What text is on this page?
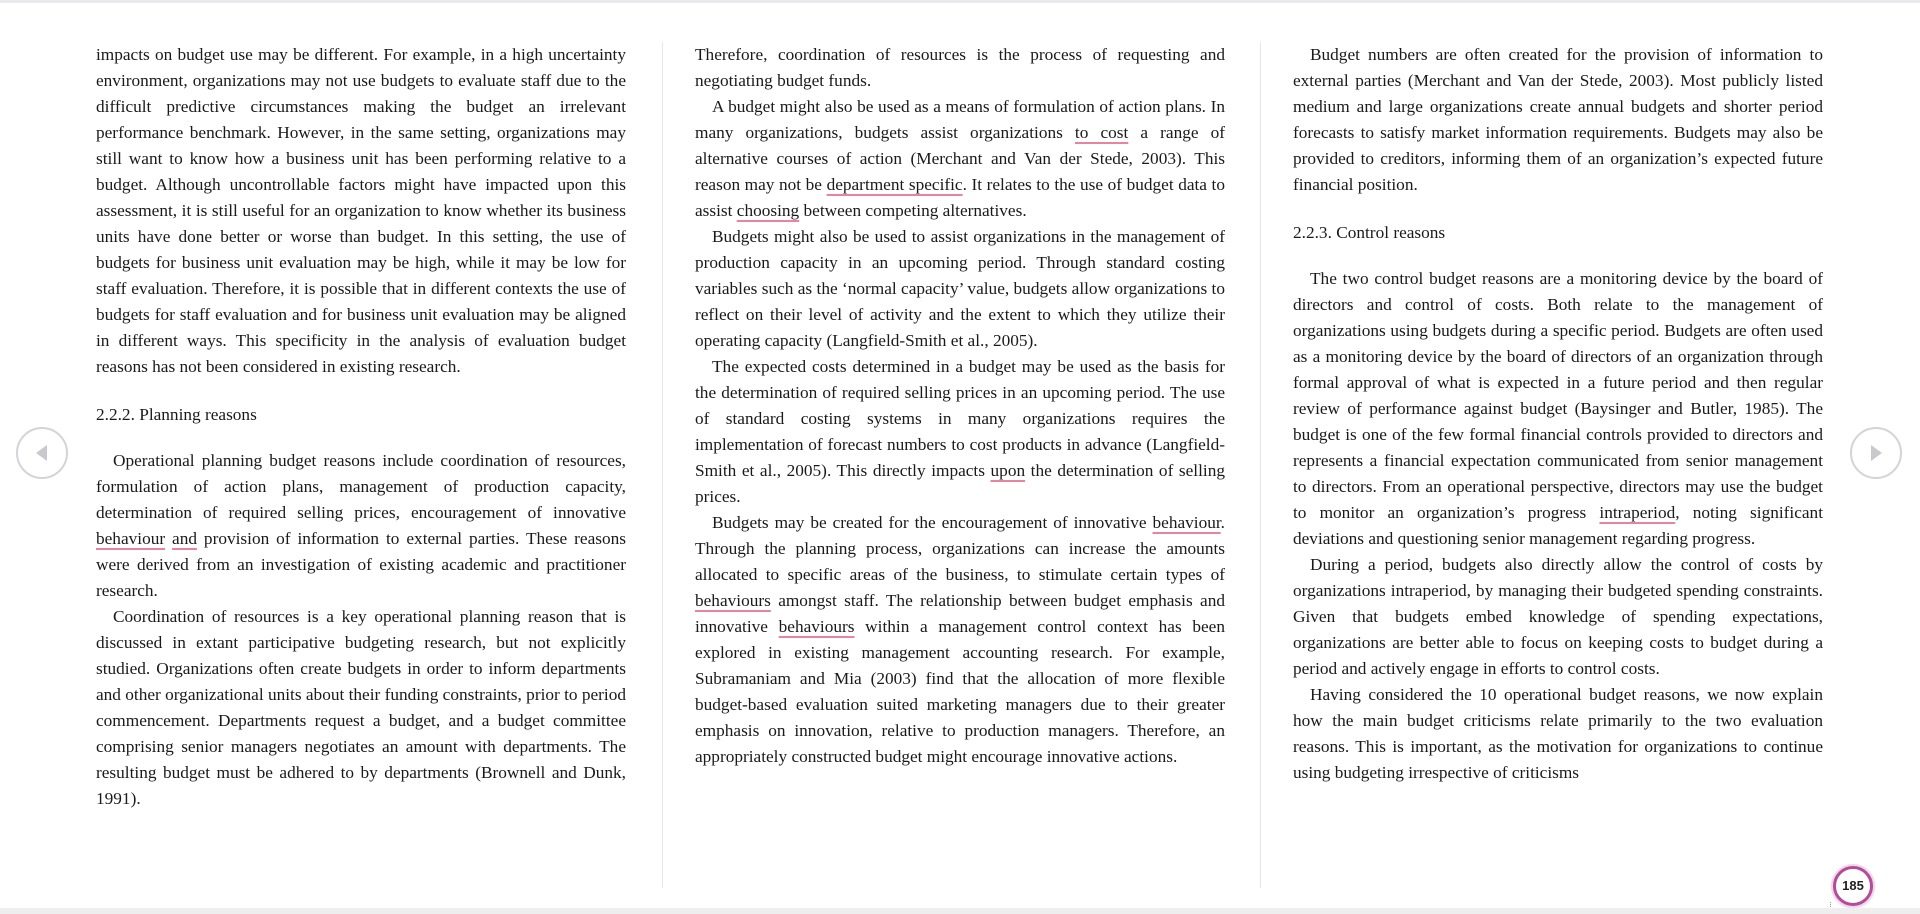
impacts on budget use may be different. For example, in a high uncertainty environment, organizations may not use budgets to evaluate staff due to the difficult predictive circumstances making the budget an irrelevant performance benchmark. However, in the same setting, organizations may still want to know how a business unit has been performing relative to a budget. Although uncontrollable factors might have impacted upon this assessment, it is still useful for an organization to know whether its business units have done better or worse than budget. In this setting, the use of budgets for business unit evaluation may be high, while it may be low for staff evaluation. Therefore, it is possible that in different contexts the use of budgets for staff evaluation and for business unit evaluation may be aligned in different ways. This specificity in the analysis of evaluation budget reasons has not been considered in existing research.

2.2.2. Planning reasons

Operational planning budget reasons include coordination of resources, formulation of action plans, management of production capacity, determination of required selling prices, encouragement of innovative behaviour and provision of information to external parties. These reasons were derived from an investigation of existing academic and practitioner research.

Coordination of resources is a key operational planning reason that is discussed in extant participative budgeting research, but not explicitly studied. Organizations often create budgets in order to inform departments and other organizational units about their funding constraints, prior to period commencement. Departments request a budget, and a budget committee comprising senior managers negotiates an amount with departments. The resulting budget must be adhered to by departments (Brownell and Dunk, 1991).

Therefore, coordination of resources is the process of requesting and negotiating budget funds.

A budget might also be used as a means of formulation of action plans. In many organizations, budgets assist organizations to cost a range of alternative courses of action (Merchant and Van der Stede, 2003). This reason may not be department specific. It relates to the use of budget data to assist choosing between competing alternatives.

Budgets might also be used to assist organizations in the management of production capacity in an upcoming period. Through standard costing variables such as the ‘normal capacity’ value, budgets allow organizations to reflect on their level of activity and the extent to which they utilize their operating capacity (Langfield-Smith et al., 2005).

The expected costs determined in a budget may be used as the basis for the determination of required selling prices in an upcoming period. The use of standard costing systems in many organizations requires the implementation of forecast numbers to cost products in advance (Langfield-Smith et al., 2005). This directly impacts upon the determination of selling prices.

Budgets may be created for the encouragement of innovative behaviour. Through the planning process, organizations can increase the amounts allocated to specific areas of the business, to stimulate certain types of behaviours amongst staff. The relationship between budget emphasis and innovative behaviours within a management control context has been explored in existing management accounting research. For example, Subramaniam and Mia (2003) find that the allocation of more flexible budget-based evaluation suited marketing managers due to their greater emphasis on innovation, relative to production managers. Therefore, an appropriately constructed budget might encourage innovative actions.

Budget numbers are often created for the provision of information to external parties (Merchant and Van der Stede, 2003). Most publicly listed medium and large organizations create annual budgets and shorter period forecasts to satisfy market information requirements. Budgets may also be provided to creditors, informing them of an organization’s expected future financial position.

2.2.3. Control reasons

The two control budget reasons are a monitoring device by the board of directors and control of costs. Both relate to the management of organizations using budgets during a specific period. Budgets are often used as a monitoring device by the board of directors of an organization through formal approval of what is expected in a future period and then regular review of performance against budget (Baysinger and Butler, 1985). The budget is one of the few formal financial controls provided to directors and represents a financial expectation communicated from senior management to directors. From an operational perspective, directors may use the budget to monitor an organization’s progress intraperiod, noting significant deviations and questioning senior management regarding progress.

During a period, budgets also directly allow the control of costs by organizations intraperiod, by managing their budgeted spending constraints. Given that budgets embed knowledge of spending expectations, organizations are better able to focus on keeping costs to budget during a period and actively engage in efforts to control costs.

Having considered the 10 operational budget reasons, we now explain how the main budget criticisms relate primarily to the two evaluation reasons. This is important, as the motivation for organizations to continue using budgeting irrespective of criticisms

185
